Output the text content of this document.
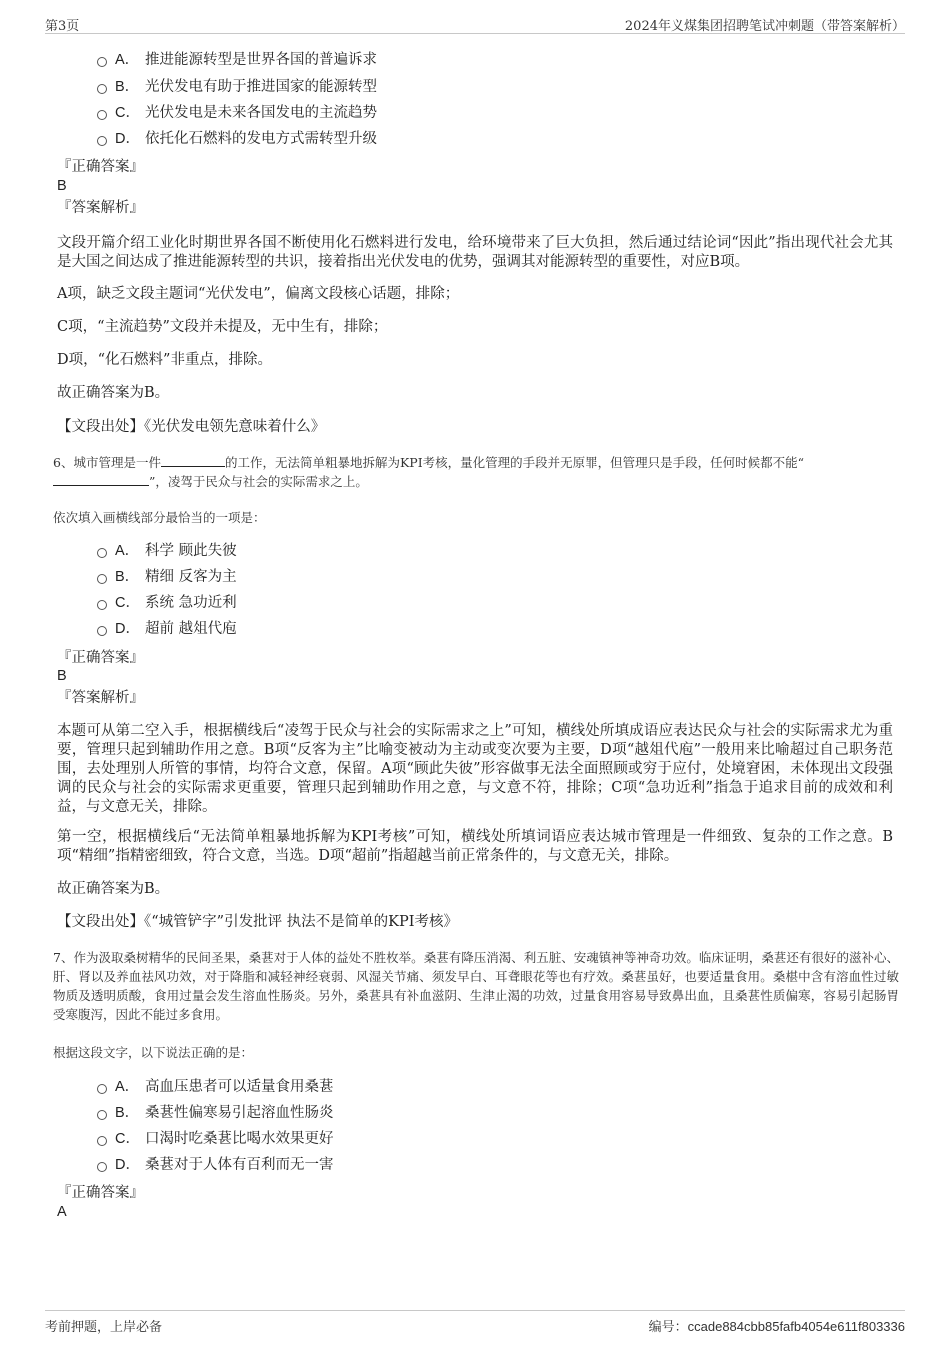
第3页	2024年义煤集团招聘笔试冲刺题（带答案解析）
A． 推进能源转型是世界各国的普遍诉求
B． 光伏发电有助于推进国家的能源转型
C． 光伏发电是未来各国发电的主流趋势
D． 依托化石燃料的发电方式需转型升级
『正确答案』
B
『答案解析』
文段开篇介绍工业化时期世界各国不断使用化石燃料进行发电，给环境带来了巨大负担，然后通过结论词“因此”指出现代社会尤其是大国之间达成了推进能源转型的共识，接着指出光伏发电的优势，强调其对能源转型的重要性，对应B项。
A项，缺乏文段主题词“光伏发电”，偏离文段核心话题，排除；
C项，“主流趋势”文段并未提及，无中生有，排除；
D项，“化石燃料”非重点，排除。
故正确答案为B。
【文段出处】《光伏发电领先意味着什么》
6、城市管理是一件	的工作，无法简单粗暴地拆解为KPI考核，量化管理的手段并无原罪，但管理只是手段，任何时候都不能“
”，凌驾于民众与社会的实际需求之上。
依次填入画横线部分最恰当的一项是：
A． 科学 顾此失彼
B． 精细 反客为主
C． 系统 急功近利
D． 超前 越俎代庖
『正确答案』
B
『答案解析』
本题可从第二空入手，根据横线后“凌驾于民众与社会的实际需求之上”可知，横线处所填成语应表达民众与社会的实际需求尤为重要，管理只起到辅助作用之意。B项“反客为主”比喻变被动为主动或变次要为主要，D项“越俎代庖”一般用来比喻超过自己职务范围，去处理别人所管的事情，均符合文意，保留。A项“顾此失彼”形容做事无法全面照顾或穷于应付，处境窘困，未体现出文段强调的民众与社会的实际需求更重要，管理只起到辅助作用之意，与文意不符，排除；C项“急功近利”指急于追求目前的成效和利益，与文意无关，排除。
第一空，根据横线后“无法简单粗暴地拆解为KPI考核”可知，横线处所填词语应表达城市管理是一件细致、复杂的工作之意。B项“精细”指精密细致，符合文意，当选。D项“超前”指超越当前正常条件的，与文意无关，排除。
故正确答案为B。
【文段出处】《“城管铲字”引发批评 执法不是简单的KPI考核》
7、作为汲取桑树精华的民间圣果，桑葚对于人体的益处不胜枚举。桑葚有降压消渴、利五脏、安魂镇神等神奇功效。临床证明，桑葚还有很好的滋补心、肝、肾以及养血祛风功效，对于降脂和减轻神经衰弱、风湿关节痛、须发早白、耳聋眼花等也有疗效。桑葚虽好，也要适量食用。桑椹中含有溶血性过敏物质及透明质酸，食用过量会发生溶血性肠炎。另外，桑葚具有补血滋阴、生津止渴的功效，过量食用容易导致鼻出血，且桑葚性质偏寒，容易引起肠胃受寒腹泻，因此不能过多食用。
根据这段文字，以下说法正确的是：
A． 高血压患者可以适量食用桑葚
B． 桑葚性偏寒易引起溶血性肠炎
C． 口渴时吃桑葚比喝水效果更好
D． 桑葚对于人体有百利而无一害
『正确答案』
A
考前押题，上岸必备	编号：ccade884cbb85fafb4054e611f803336
